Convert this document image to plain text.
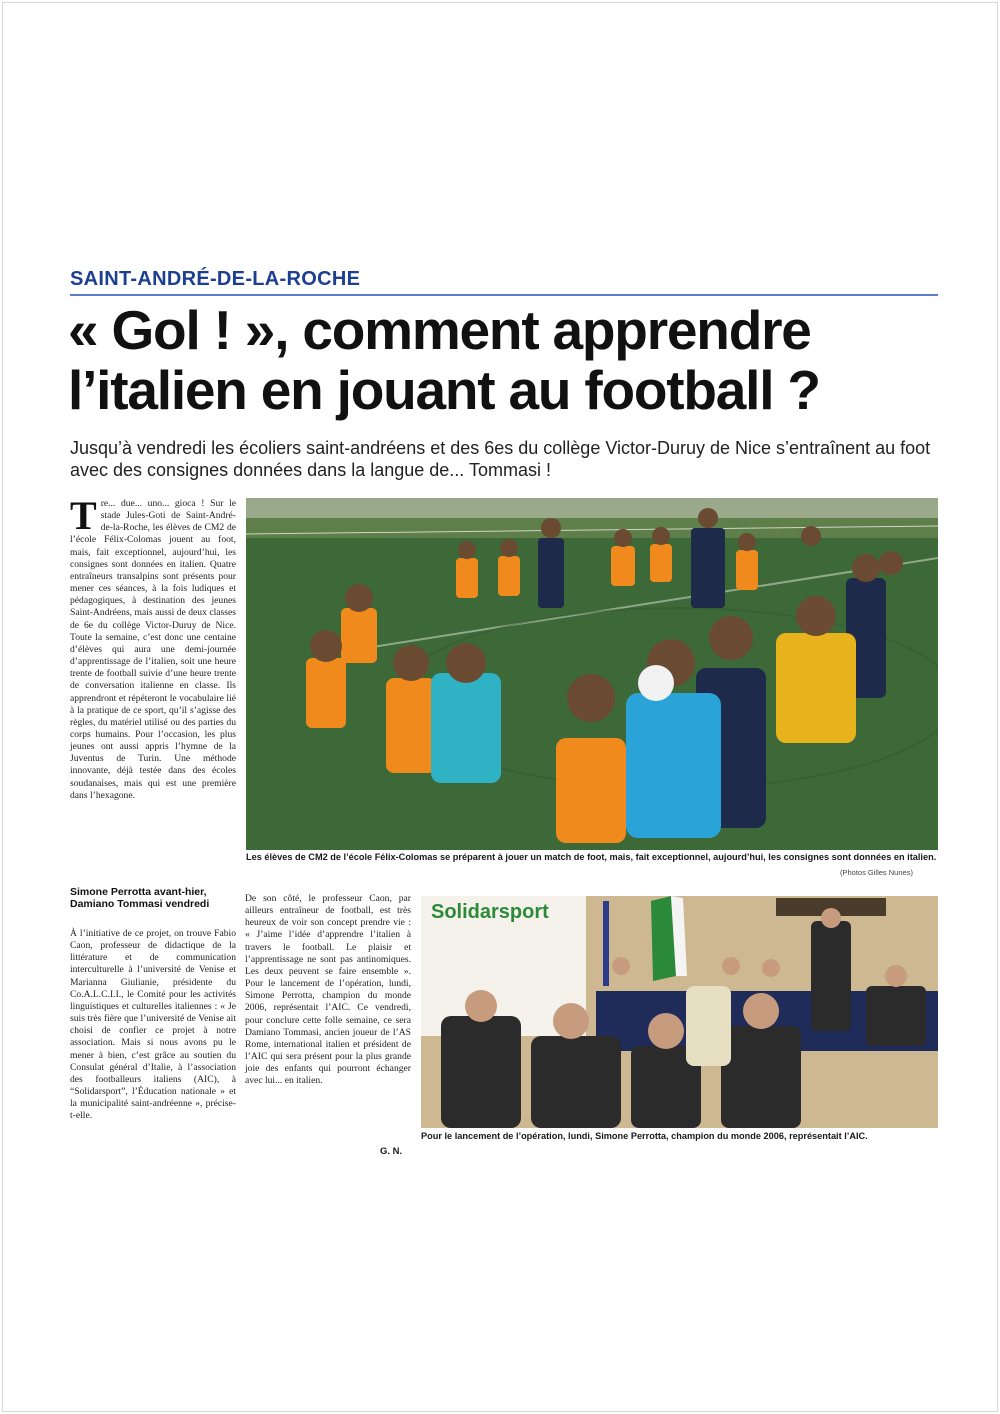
SAINT-ANDRÉ-DE-LA-ROCHE
« Gol ! », comment apprendre l’italien en jouant au football ?
Jusqu’à vendredi les écoliers saint-andréens et des 6es du collège Victor-Duruy de Nice s’entraînent au foot avec des consignes données dans la langue de... Tommasi !
T re... due... uno... gioca ! Sur le stade Jules-Goti de Saint-André-de-la-Roche, les élèves de CM2 de l’école Félix-Colomas jouent au foot, mais, fait exceptionnel, aujourd’hui, les consignes sont données en italien. Quatre entraîneurs transalpins sont présents pour mener ces séances, à la fois ludiques et pédagogiques, à destination des jeunes Saint-Andréens, mais aussi de deux classes de 6e du collège Victor-Duruy de Nice. Toute la semaine, c’est donc une centaine d’élèves qui aura une demi-journée d’apprentissage de l’italien, soit une heure trente de football suivie d’une heure trente de conversation italienne en classe. Ils apprendront et répéteront le vocabulaire lié à la pratique de ce sport, qu’il s’agisse des règles, du matériel utilisé ou des parties du corps humains. Pour l’occasion, les plus jeunes ont aussi appris l’hymne de la Juventus de Turin. Une méthode innovante, déjà testée dans des écoles soudanaises, mais qui est une première dans l’hexagone.
Simone Perrotta avant-hier, Damiano Tommasi vendredi
À l’initiative de ce projet, on trouve Fabio Caon, professeur de didactique de la littérature et de communication interculturelle à l’université de Venise et Marianna Giulianie, présidente du Co.A.L.C.I.I., le Comité pour les activités linguistiques et culturelles italiennes : « Je suis très fière que l’université de Venise ait choisi de confier ce projet à notre association. Mais si nous avons pu le mener à bien, c’est grâce au soutien du Consulat général d’Italie, à l’association des footballeurs italiens (AIC), à “Solidarsport”, l’Éducation nationale » et la municipalité saint-andréenne », précise-t-elle.
De son côté, le professeur Caon, par ailleurs entraîneur de football, est très heureux de voir son concept prendre vie : « J’aime l’idée d’apprendre l’italien à travers le football. Le plaisir et l’apprentissage ne sont pas antinomiques. Les deux peuvent se faire ensemble ». Pour le lancement de l’opération, lundi, Simone Perrotta, champion du monde 2006, représentait l’AIC. Ce vendredi, pour conclure cette folle semaine, ce sera Damiano Tommasi, ancien joueur de l’AS Rome, international italien et président de l’AIC qui sera présent pour la plus grande joie des enfants qui pourront échanger avec lui... en italien.
G. N.
Les élèves de CM2 de l’école Félix-Colomas se préparent à jouer un match de foot, mais, fait exceptionnel, aujourd’hui, les consignes sont données en italien.
(Photos Gilles Nunes)
Solidarsport
Pour le lancement de l’opération, lundi, Simone Perrotta, champion du monde 2006, représentait l’AIC.
